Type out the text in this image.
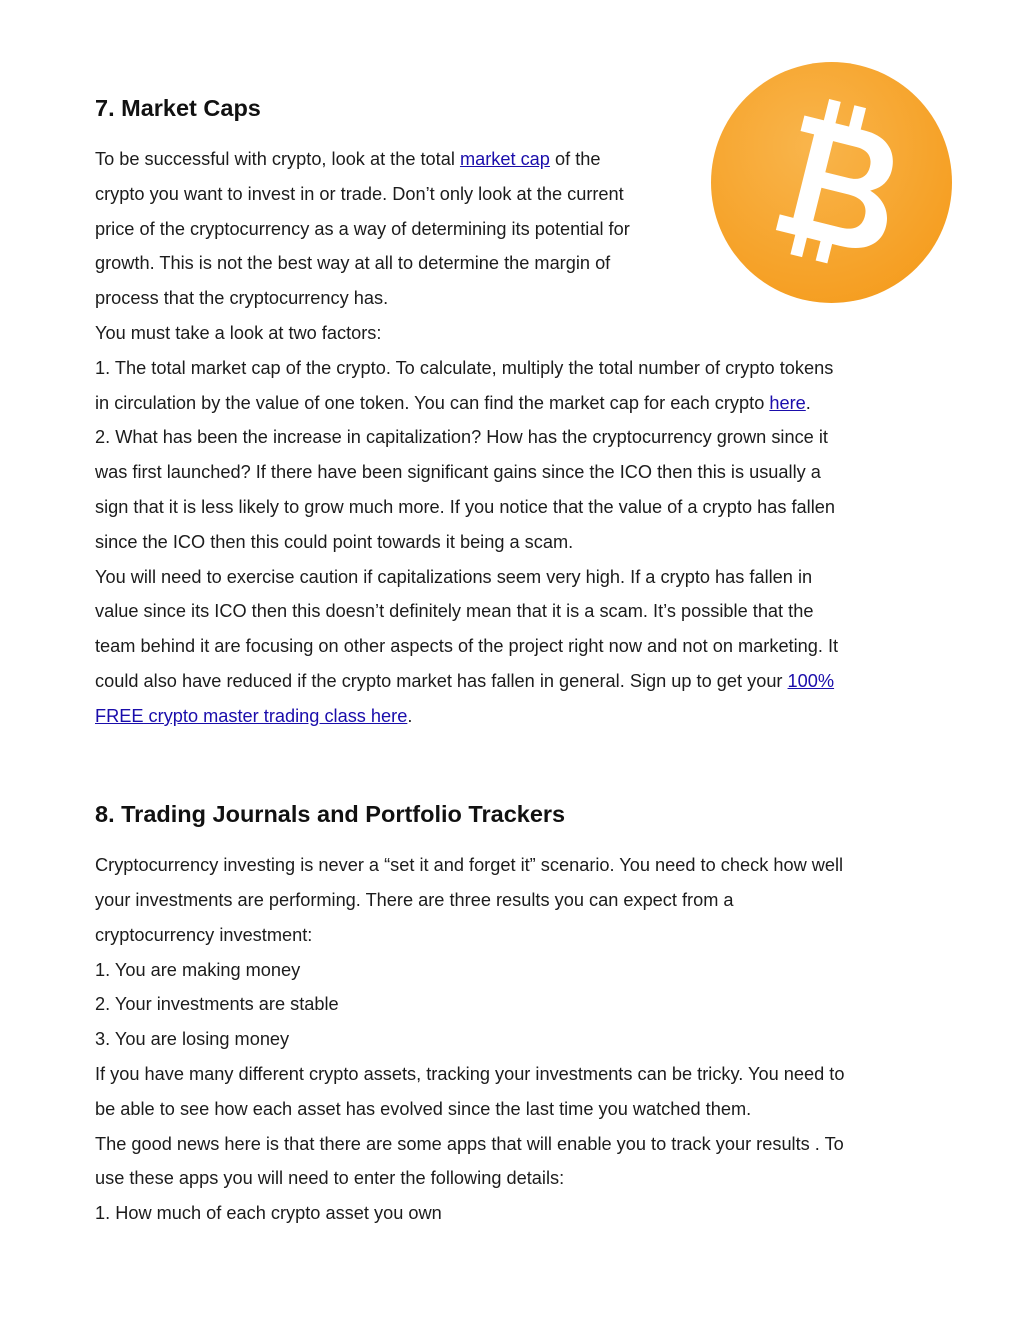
7. Market Caps

To be successful with crypto, look at the total market cap of the

crypto you want to invest in or trade. Don’t only look at the current

price of the cryptocurrency as a way of determining its potential for

growth. This is not the best way at all to determine the margin of

process that the cryptocurrency has.

You must take a look at two factors:

1. The total market cap of the crypto. To calculate, multiply the total number of crypto tokens

in circulation by the value of one token. You can find the market cap for each crypto here.

2. What has been the increase in capitalization? How has the cryptocurrency grown since it

was first launched? If there have been significant gains since the ICO then this is usually a

sign that it is less likely to grow much more. If you notice that the value of a crypto has fallen

since the ICO then this could point towards it being a scam.

You will need to exercise caution if capitalizations seem very high. If a crypto has fallen in

value since its ICO then this doesn’t definitely mean that it is a scam. It’s possible that the

team behind it are focusing on other aspects of the project right now and not on marketing. It

could also have reduced if the crypto market has fallen in general. Sign up to get your 100%

FREE crypto master trading class here.

8. Trading Journals and Portfolio Trackers

Cryptocurrency investing is never a “set it and forget it” scenario. You need to check how well

your investments are performing. There are three results you can expect from a

cryptocurrency investment:

1. You are making money

2. Your investments are stable

3. You are losing money

If you have many different crypto assets, tracking your investments can be tricky. You need to

be able to see how each asset has evolved since the last time you watched them.

The good news here is that there are some apps that will enable you to track your results . To

use these apps you will need to enter the following details:

1. How much of each crypto asset you own
